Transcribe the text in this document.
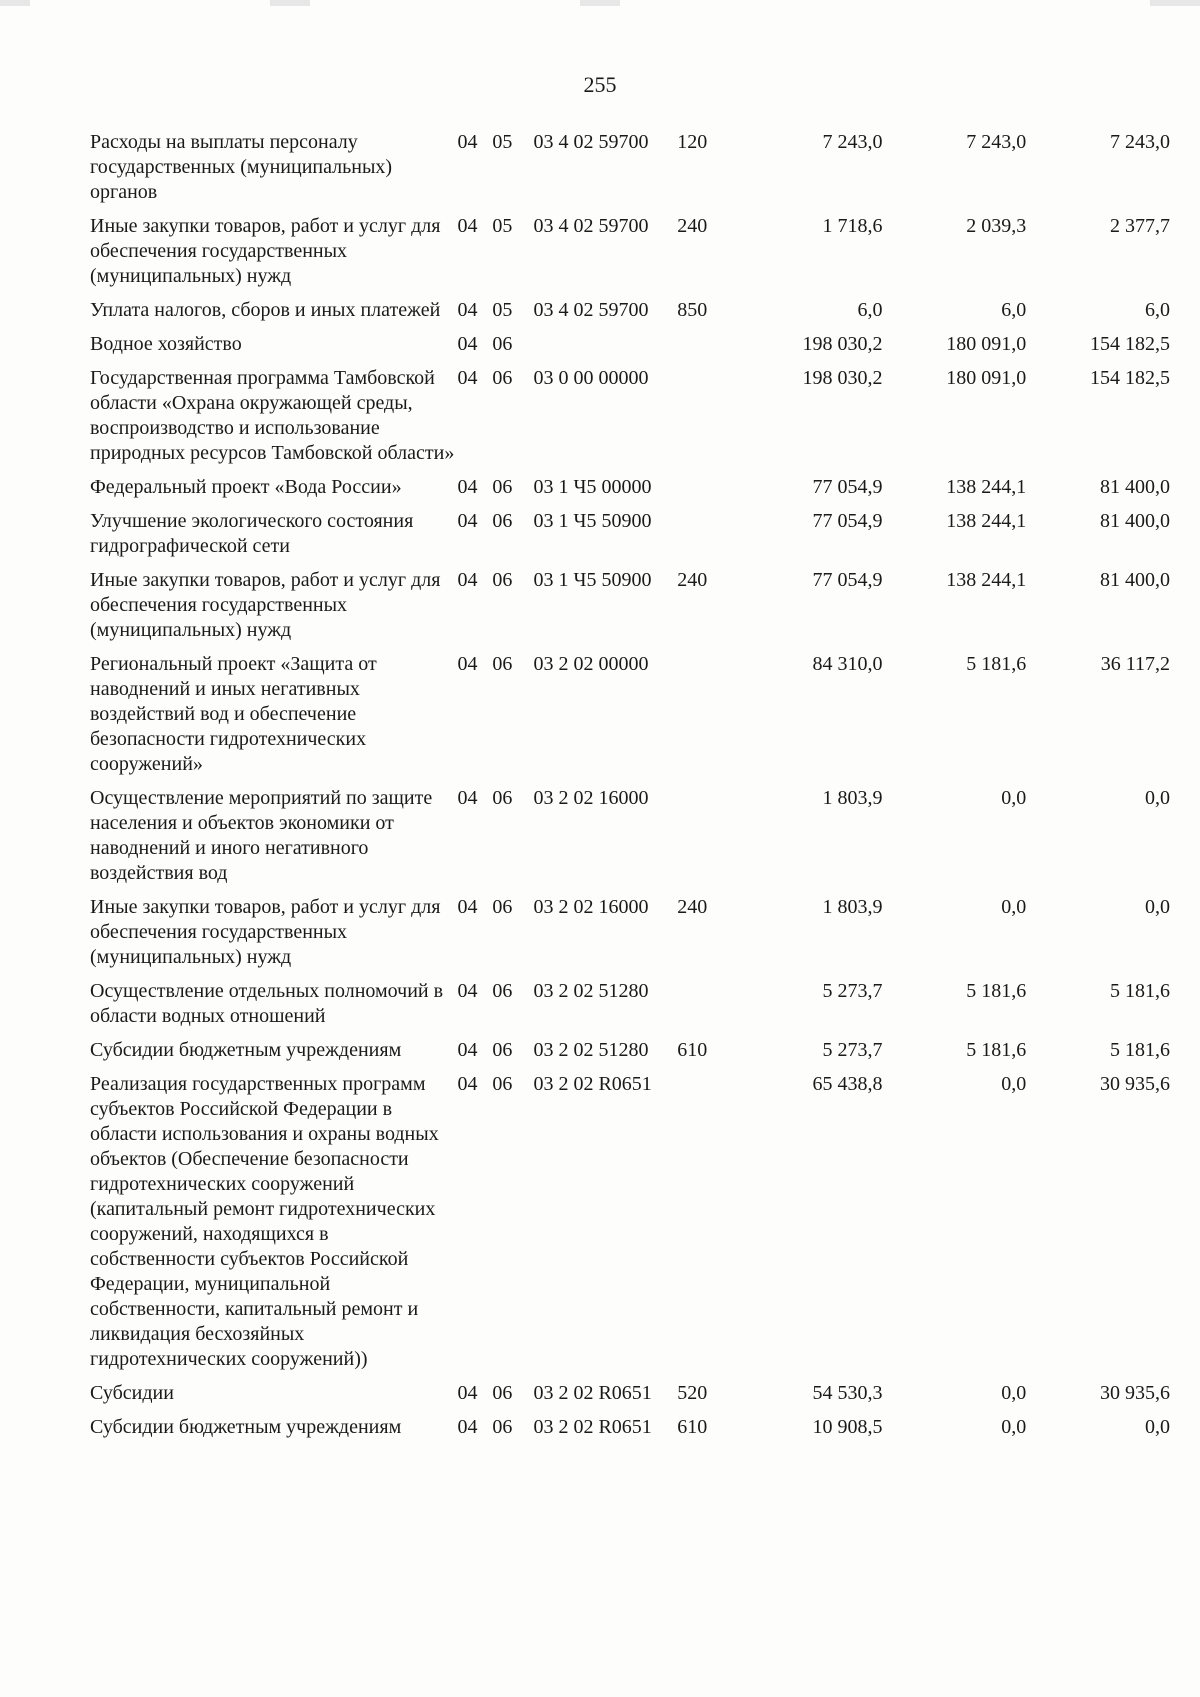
255
Расходы на выплаты персоналу государственных (муниципальных) органов	04	05	03 4 02 59700	120	7 243,0	7 243,0	7 243,0
Иные закупки товаров, работ и услуг для обеспечения государственных (муниципальных) нужд	04	05	03 4 02 59700	240	1 718,6	2 039,3	2 377,7
Уплата налогов, сборов и иных платежей	04	05	03 4 02 59700	850	6,0	6,0	6,0
Водное хозяйство	04	06			198 030,2	180 091,0	154 182,5
Государственная программа Тамбовской области «Охрана окружающей среды, воспроизводство и использование природных ресурсов Тамбовской области»	04	06	03 0 00 00000		198 030,2	180 091,0	154 182,5
Федеральный проект «Вода России»	04	06	03 1 Ч5 00000		77 054,9	138 244,1	81 400,0
Улучшение экологического состояния гидрографической сети	04	06	03 1 Ч5 50900		77 054,9	138 244,1	81 400,0
Иные закупки товаров, работ и услуг для обеспечения государственных (муниципальных) нужд	04	06	03 1 Ч5 50900	240	77 054,9	138 244,1	81 400,0
Региональный проект «Защита от наводнений и иных негативных воздействий вод и обеспечение безопасности гидротехнических сооружений»	04	06	03 2 02 00000		84 310,0	5 181,6	36 117,2
Осуществление мероприятий по защите населения и объектов экономики от наводнений и иного негативного воздействия вод	04	06	03 2 02 16000		1 803,9	0,0	0,0
Иные закупки товаров, работ и услуг для обеспечения государственных (муниципальных) нужд	04	06	03 2 02 16000	240	1 803,9	0,0	0,0
Осуществление отдельных полномочий в области водных отношений	04	06	03 2 02 51280		5 273,7	5 181,6	5 181,6
Субсидии бюджетным учреждениям	04	06	03 2 02 51280	610	5 273,7	5 181,6	5 181,6
Реализация государственных программ субъектов Российской Федерации в области использования и охраны водных объектов (Обеспечение безопасности гидротехнических сооружений (капитальный ремонт гидротехнических сооружений, находящихся в собственности субъектов Российской Федерации, муниципальной собственности, капитальный ремонт и ликвидация бесхозяйных гидротехнических сооружений))	04	06	03 2 02 R0651		65 438,8	0,0	30 935,6
Субсидии	04	06	03 2 02 R0651	520	54 530,3	0,0	30 935,6
Субсидии бюджетным учреждениям	04	06	03 2 02 R0651	610	10 908,5	0,0	0,0
